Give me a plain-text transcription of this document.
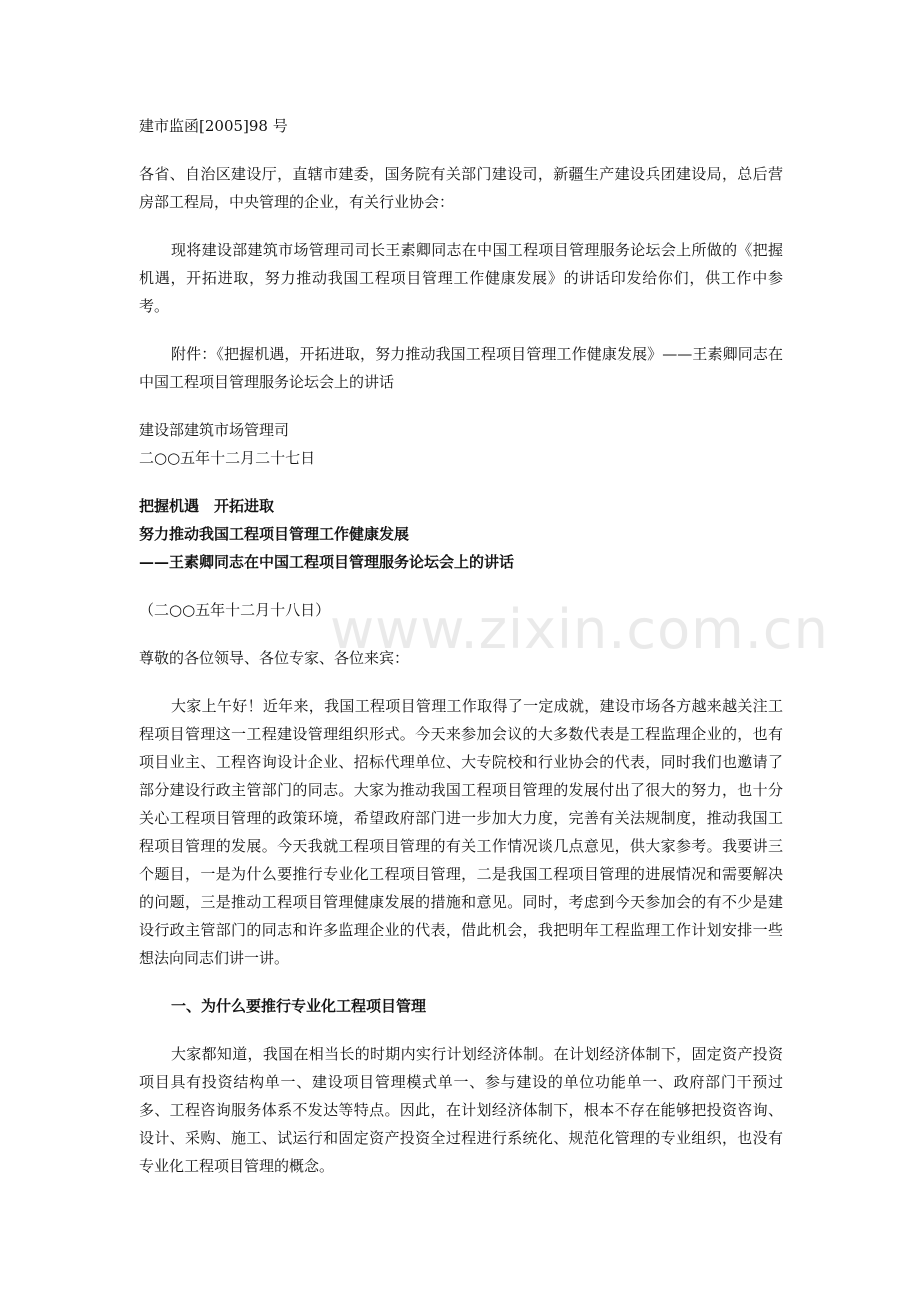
建市监函[2005]98 号

各省、自治区建设厅，直辖市建委，国务院有关部门建设司，新疆生产建设兵团建设局，总后营房部工程局，中央管理的企业，有关行业协会：

现将建设部建筑市场管理司司长王素卿同志在中国工程项目管理服务论坛会上所做的《把握机遇，开拓进取，努力推动我国工程项目管理工作健康发展》的讲话印发给你们，供工作中参考。

附件：《把握机遇，开拓进取，努力推动我国工程项目管理工作健康发展》——王素卿同志在中国工程项目管理服务论坛会上的讲话

建设部建筑市场管理司

二○○五年十二月二十七日

把握机遇　开拓进取
努力推动我国工程项目管理工作健康发展
——王素卿同志在中国工程项目管理服务论坛会上的讲话

（二○○五年十二月十八日）

尊敬的各位领导、各位专家、各位来宾：

大家上午好！近年来，我国工程项目管理工作取得了一定成就，建设市场各方越来越关注工程项目管理这一工程建设管理组织形式。今天来参加会议的大多数代表是工程监理企业的，也有项目业主、工程咨询设计企业、招标代理单位、大专院校和行业协会的代表，同时我们也邀请了部分建设行政主管部门的同志。大家为推动我国工程项目管理的发展付出了很大的努力，也十分关心工程项目管理的政策环境，希望政府部门进一步加大力度，完善有关法规制度，推动我国工程项目管理的发展。今天我就工程项目管理的有关工作情况谈几点意见，供大家参考。我要讲三个题目，一是为什么要推行专业化工程项目管理，二是我国工程项目管理的进展情况和需要解决的问题，三是推动工程项目管理健康发展的措施和意见。同时，考虑到今天参加会的有不少是建设行政主管部门的同志和许多监理企业的代表，借此机会，我把明年工程监理工作计划安排一些想法向同志们讲一讲。

一、为什么要推行专业化工程项目管理

大家都知道，我国在相当长的时期内实行计划经济体制。在计划经济体制下，固定资产投资项目具有投资结构单一、建设项目管理模式单一、参与建设的单位功能单一、政府部门干预过多、工程咨询服务体系不发达等特点。因此，在计划经济体制下，根本不存在能够把投资咨询、设计、采购、施工、试运行和固定资产投资全过程进行系统化、规范化管理的专业组织，也没有专业化工程项目管理的概念。

www.zixin.com.cn
